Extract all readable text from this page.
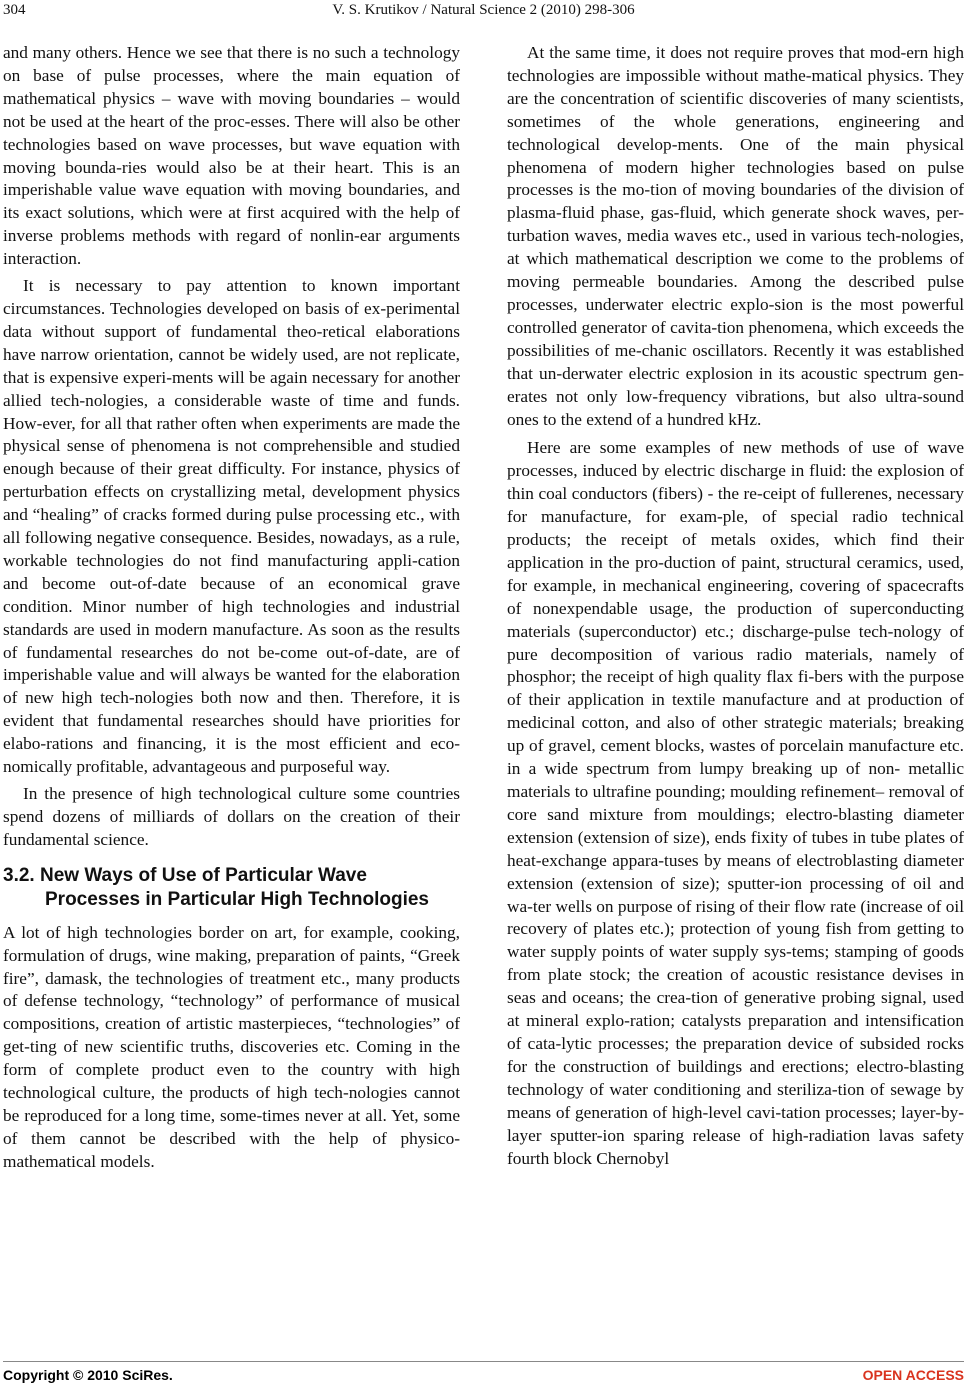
304	V. S. Krutikov / Natural Science 2 (2010) 298-306

and many others. Hence we see that there is no such a technology on base of pulse processes, where the main equation of mathematical physics – wave with moving boundaries – would not be used at the heart of the proc-esses. There will also be other technologies based on wave processes, but wave equation with moving bounda-ries would also be at their heart. This is an imperishable value wave equation with moving boundaries, and its exact solutions, which were at first acquired with the help of inverse problems methods with regard of nonlin-ear arguments interaction.

It is necessary to pay attention to known important circumstances. Technologies developed on basis of ex-perimental data without support of fundamental theo-retical elaborations have narrow orientation, cannot be widely used, are not replicate, that is expensive experi-ments will be again necessary for another allied tech-nologies, a considerable waste of time and funds. How-ever, for all that rather often when experiments are made the physical sense of phenomena is not comprehensible and studied enough because of their great difficulty. For instance, physics of perturbation effects on crystallizing metal, development physics and “healing” of cracks formed during pulse processing etc., with all following negative consequence. Besides, nowadays, as a rule, workable technologies do not find manufacturing appli-cation and become out-of-date because of an economical grave condition. Minor number of high technologies and industrial standards are used in modern manufacture. As soon as the results of fundamental researches do not be-come out-of-date, are of imperishable value and will always be wanted for the elaboration of new high tech-nologies both now and then. Therefore, it is evident that fundamental researches should have priorities for elabo-rations and financing, it is the most efficient and eco-nomically profitable, advantageous and purposeful way.

In the presence of high technological culture some countries spend dozens of milliards of dollars on the creation of their fundamental science.

3.2. New Ways of Use of Particular Wave Processes in Particular High Technologies

A lot of high technologies border on art, for example, cooking, formulation of drugs, wine making, preparation of paints, “Greek fire”, damask, the technologies of treatment etc., many products of defense technology, “technology” of performance of musical compositions, creation of artistic masterpieces, “technologies” of get-ting of new scientific truths, discoveries etc. Coming in the form of complete product even to the country with high technological culture, the products of high tech-nologies cannot be reproduced for a long time, some-times never at all. Yet, some of them cannot be described with the help of physico-mathematical models.

At the same time, it does not require proves that mod-ern high technologies are impossible without mathe-matical physics. They are the concentration of scientific discoveries of many scientists, sometimes of the whole generations, engineering and technological develop-ments. One of the main physical phenomena of modern higher technologies based on pulse processes is the mo-tion of moving boundaries of the division of plasma-fluid phase, gas-fluid, which generate shock waves, per-turbation waves, media waves etc., used in various tech-nologies, at which mathematical description we come to the problems of moving permeable boundaries. Among the described pulse processes, underwater electric explo-sion is the most powerful controlled generator of cavita-tion phenomena, which exceeds the possibilities of me-chanic oscillators. Recently it was established that un-derwater electric explosion in its acoustic spectrum gen-erates not only low-frequency vibrations, but also ultra-sound ones to the extend of a hundred kHz.

Here are some examples of new methods of use of wave processes, induced by electric discharge in fluid: the explosion of thin coal conductors (fibers) - the re-ceipt of fullerenes, necessary for manufacture, for exam-ple, of special radio technical products; the receipt of metals oxides, which find their application in the pro-duction of paint, structural ceramics, used, for example, in mechanical engineering, covering of spacecrafts of nonexpendable usage, the production of superconducting materials (superconductor) etc.; discharge-pulse tech-nology of pure decomposition of various radio materials, namely of phosphor; the receipt of high quality flax fi-bers with the purpose of their application in textile manufacture and at production of medicinal cotton, and also of other strategic materials; breaking up of gravel, cement blocks, wastes of porcelain manufacture etc. in a wide spectrum from lumpy breaking up of non- metallic materials to ultrafine pounding; moulding refinement– removal of core sand mixture from mouldings; electro-blasting diameter extension (extension of size), ends fixity of tubes in tube plates of heat-exchange appara-tuses by means of electroblasting diameter extension (extension of size); sputter-ion processing of oil and wa-ter wells on purpose of rising of their flow rate (increase of oil recovery of plates etc.); protection of young fish from getting to water supply points of water supply sys-tems; stamping of goods from plate stock; the creation of acoustic resistance devises in seas and oceans; the crea-tion of generative probing signal, used at mineral explo-ration; catalysts preparation and intensification of cata-lytic processes; the preparation device of subsided rocks for the construction of buildings and erections; electro-blasting technology of water conditioning and steriliza-tion of sewage by means of generation of high-level cavi-tation processes; layer-by-layer sputter-ion sparing release of high-radiation lavas safety fourth block Chernobyl

Copyright © 2010 SciRes.	OPEN ACCESS
